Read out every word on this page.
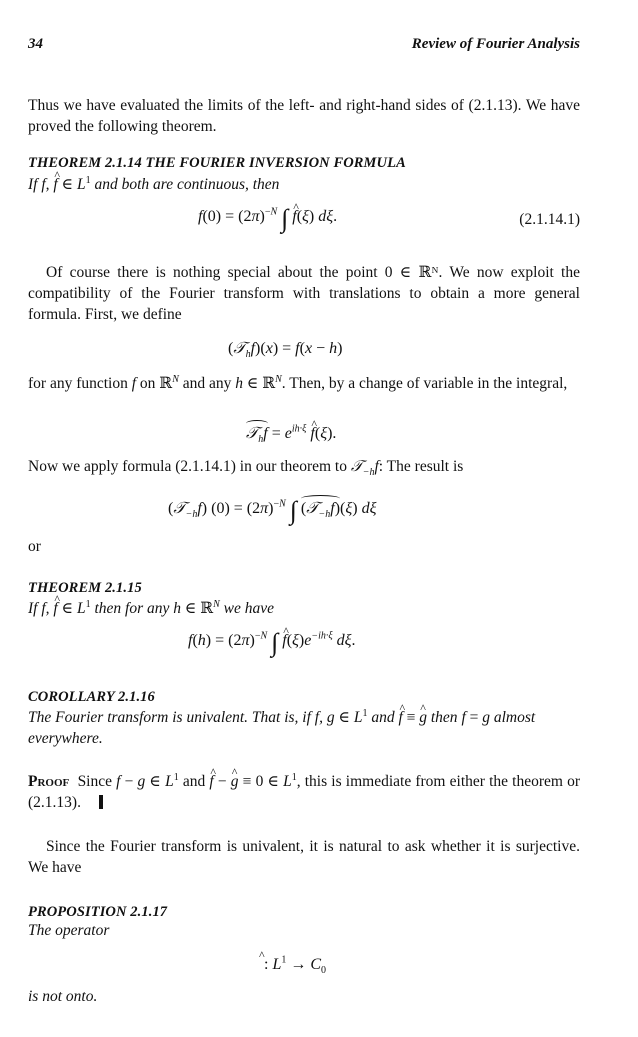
34	Review of Fourier Analysis

Thus we have evaluated the limits of the left- and right-hand sides of (2.1.13). We have proved the following theorem.

THEOREM 2.1.14 THE FOURIER INVERSION FORMULA

If f, ^ f ∈ $L^1$ and both are continuous, then

$f(0) = (2\pi)^{-N}$ ∫ ^ f(ξ) dξ.	(2.1.14.1)

Of course there is nothing special about the point 0 ∈ ℝᴺ. We now exploit the compatibility of the Fourier transform with translations to obtain a more general formula. First, we define

(𝒯$_h$f)(x) = f(x − h)

for any function f on ℝ$^N$ and any h ∈ ℝ$^N$. Then, by a change of variable in the integral,

𝒯$_h$f = $e^{ih\cdot\xi}$ ^ f(ξ).

Now we apply formula (2.1.14.1) in our theorem to 𝒯$_{-h}$f: The result is

(𝒯$_{-h}$f) $(0) = (2\pi)^{-N}$ ∫ (𝒯$_{-h}$f)(ξ) dξ
or
THEOREM 2.1.15

If f, ^ f ∈ $L^1$ then for any h ∈ ℝ$^N$ we have

$f(h) = (2\pi)^{-N}$ ∫ ^ $f(\xi)e^{-ih\cdot\xi}$ dξ.
COROLLARY 2.1.16

The Fourier transform is univalent. That is, if f, g ∈ $L^1$ and ^ f ≡ ^ g then f = g almost everywhere.

Proof Since f − g ∈ $L^1$ and ^ f − ^ g ≡ 0 ∈ $L^1$, this is immediate from either the theorem or (2.1.13).

Since the Fourier transform is univalent, it is natural to ask whether it is surjective. We have

PROPOSITION 2.1.17
The operator
^  : $L^1 \to C_0$
is not onto.
